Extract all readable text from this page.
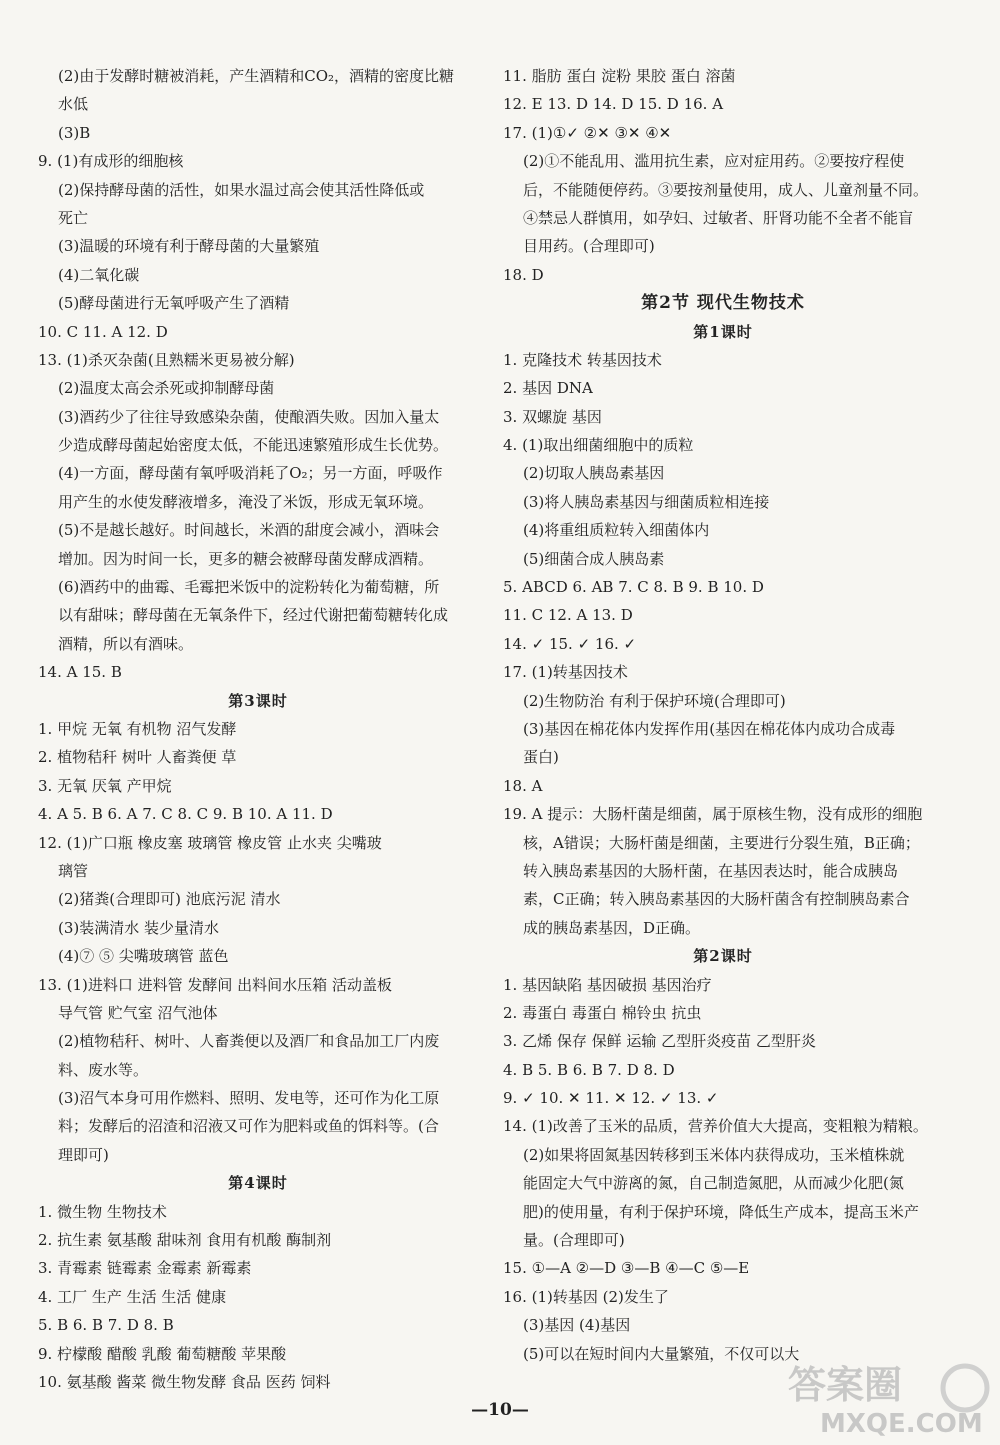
(2)由于发酵时糖被消耗，产生酒精和CO₂，酒精的密度比糖
水低
(3)B
9. (1)有成形的细胞核
(2)保持酵母菌的活性，如果水温过高会使其活性降低或
死亡
(3)温暖的环境有利于酵母菌的大量繁殖
(4)二氧化碳
(5)酵母菌进行无氧呼吸产生了酒精
10. C 11. A 12. D
13. (1)杀灭杂菌(且熟糯米更易被分解)
(2)温度太高会杀死或抑制酵母菌
(3)酒药少了往往导致感染杂菌，使酿酒失败。因加入量太
少造成酵母菌起始密度太低，不能迅速繁殖形成生长优势。
(4)一方面，酵母菌有氧呼吸消耗了O₂；另一方面，呼吸作
用产生的水使发酵液增多，淹没了米饭，形成无氧环境。
(5)不是越长越好。时间越长，米酒的甜度会减小，酒味会
增加。因为时间一长，更多的糖会被酵母菌发酵成酒精。
(6)酒药中的曲霉、毛霉把米饭中的淀粉转化为葡萄糖，所
以有甜味；酵母菌在无氧条件下，经过代谢把葡萄糖转化成
酒精，所以有酒味。
14. A 15. B
第3课时
1. 甲烷 无氧 有机物 沼气发酵
2. 植物秸秆 树叶 人畜粪便 草
3. 无氧 厌氧 产甲烷
4. A 5. B 6. A 7. C 8. C 9. B 10. A 11. D
12. (1)广口瓶 橡皮塞 玻璃管 橡皮管 止水夹 尖嘴玻
璃管
(2)猪粪(合理即可) 池底污泥 清水
(3)装满清水 装少量清水
(4)⑦ ⑤ 尖嘴玻璃管 蓝色
13. (1)进料口 进料管 发酵间 出料间水压箱 活动盖板
导气管 贮气室 沼气池体
(2)植物秸秆、树叶、人畜粪便以及酒厂和食品加工厂内废
料、废水等。
(3)沼气本身可用作燃料、照明、发电等，还可作为化工原
料；发酵后的沼渣和沼液又可作为肥料或鱼的饵料等。(合
理即可)
第4课时
1. 微生物 生物技术
2. 抗生素 氨基酸 甜味剂 食用有机酸 酶制剂
3. 青霉素 链霉素 金霉素 新霉素
4. 工厂 生产 生活 生活 健康
5. B 6. B 7. D 8. B
9. 柠檬酸 醋酸 乳酸 葡萄糖酸 苹果酸
10. 氨基酸 酱菜 微生物发酵 食品 医药 饲料
11. 脂肪 蛋白 淀粉 果胶 蛋白 溶菌
12. E 13. D 14. D 15. D 16. A
17. (1)①✓ ②✕ ③✕ ④✕
(2)①不能乱用、滥用抗生素，应对症用药。②要按疗程使
后，不能随便停药。③要按剂量使用，成人、儿童剂量不同。
④禁忌人群慎用，如孕妇、过敏者、肝肾功能不全者不能盲
目用药。(合理即可)
18. D
第2节 现代生物技术
第1课时
1. 克隆技术 转基因技术
2. 基因 DNA
3. 双螺旋 基因
4. (1)取出细菌细胞中的质粒
(2)切取人胰岛素基因
(3)将人胰岛素基因与细菌质粒相连接
(4)将重组质粒转入细菌体内
(5)细菌合成人胰岛素
5. ABCD 6. AB 7. C 8. B 9. B 10. D
11. C 12. A 13. D
14. ✓ 15. ✓ 16. ✓
17. (1)转基因技术
(2)生物防治 有利于保护环境(合理即可)
(3)基因在棉花体内发挥作用(基因在棉花体内成功合成毒
蛋白)
18. A
19. A 提示：大肠杆菌是细菌，属于原核生物，没有成形的细胞
核，A错误；大肠杆菌是细菌，主要进行分裂生殖，B正确；
转入胰岛素基因的大肠杆菌，在基因表达时，能合成胰岛
素，C正确；转入胰岛素基因的大肠杆菌含有控制胰岛素合
成的胰岛素基因，D正确。
第2课时
1. 基因缺陷 基因破损 基因治疗
2. 毒蛋白 毒蛋白 棉铃虫 抗虫
3. 乙烯 保存 保鲜 运输 乙型肝炎疫苗 乙型肝炎
4. B 5. B 6. B 7. D 8. D
9. ✓ 10. ✕ 11. ✕ 12. ✓ 13. ✓
14. (1)改善了玉米的品质，营养价值大大提高，变粗粮为精粮。
(2)如果将固氮基因转移到玉米体内获得成功，玉米植株就
能固定大气中游离的氮，自己制造氮肥，从而减少化肥(氮
肥)的使用量，有利于保护环境，降低生产成本，提高玉米产
量。(合理即可)
15. ①—A ②—D ③—B ④—C ⑤—E
16. (1)转基因 (2)发生了
(3)基因 (4)基因
(5)可以在短时间内大量繁殖，不仅可以大
—10—
答案圈
MXQE.COM
